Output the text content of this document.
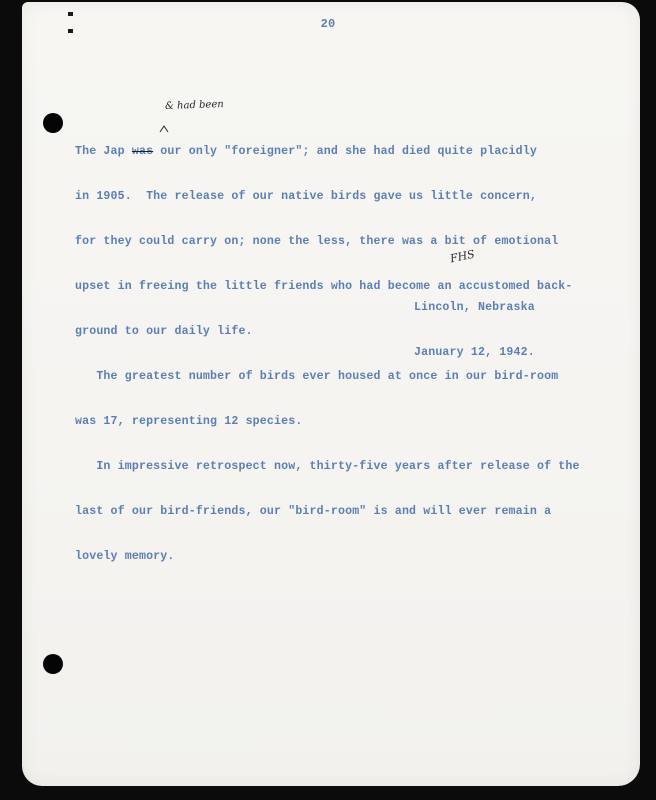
20
& had been

The Jap was our only "foreigner"; and she had died quite placidly

in 1905.  The release of our native birds gave us little concern,

for they could carry on; none the less, there was a bit of emotional

upset in freeing the little friends who had become an accustomed back-

ground to our daily life.

The greatest number of birds ever housed at once in our bird-room

was 17, representing 12 species.

In impressive retrospect now, thirty-five years after release of the

last of our bird-friends, our "bird-room" is and will ever remain a

lovely memory.

FHS

Lincoln, Nebraska

January 12, 1942.
